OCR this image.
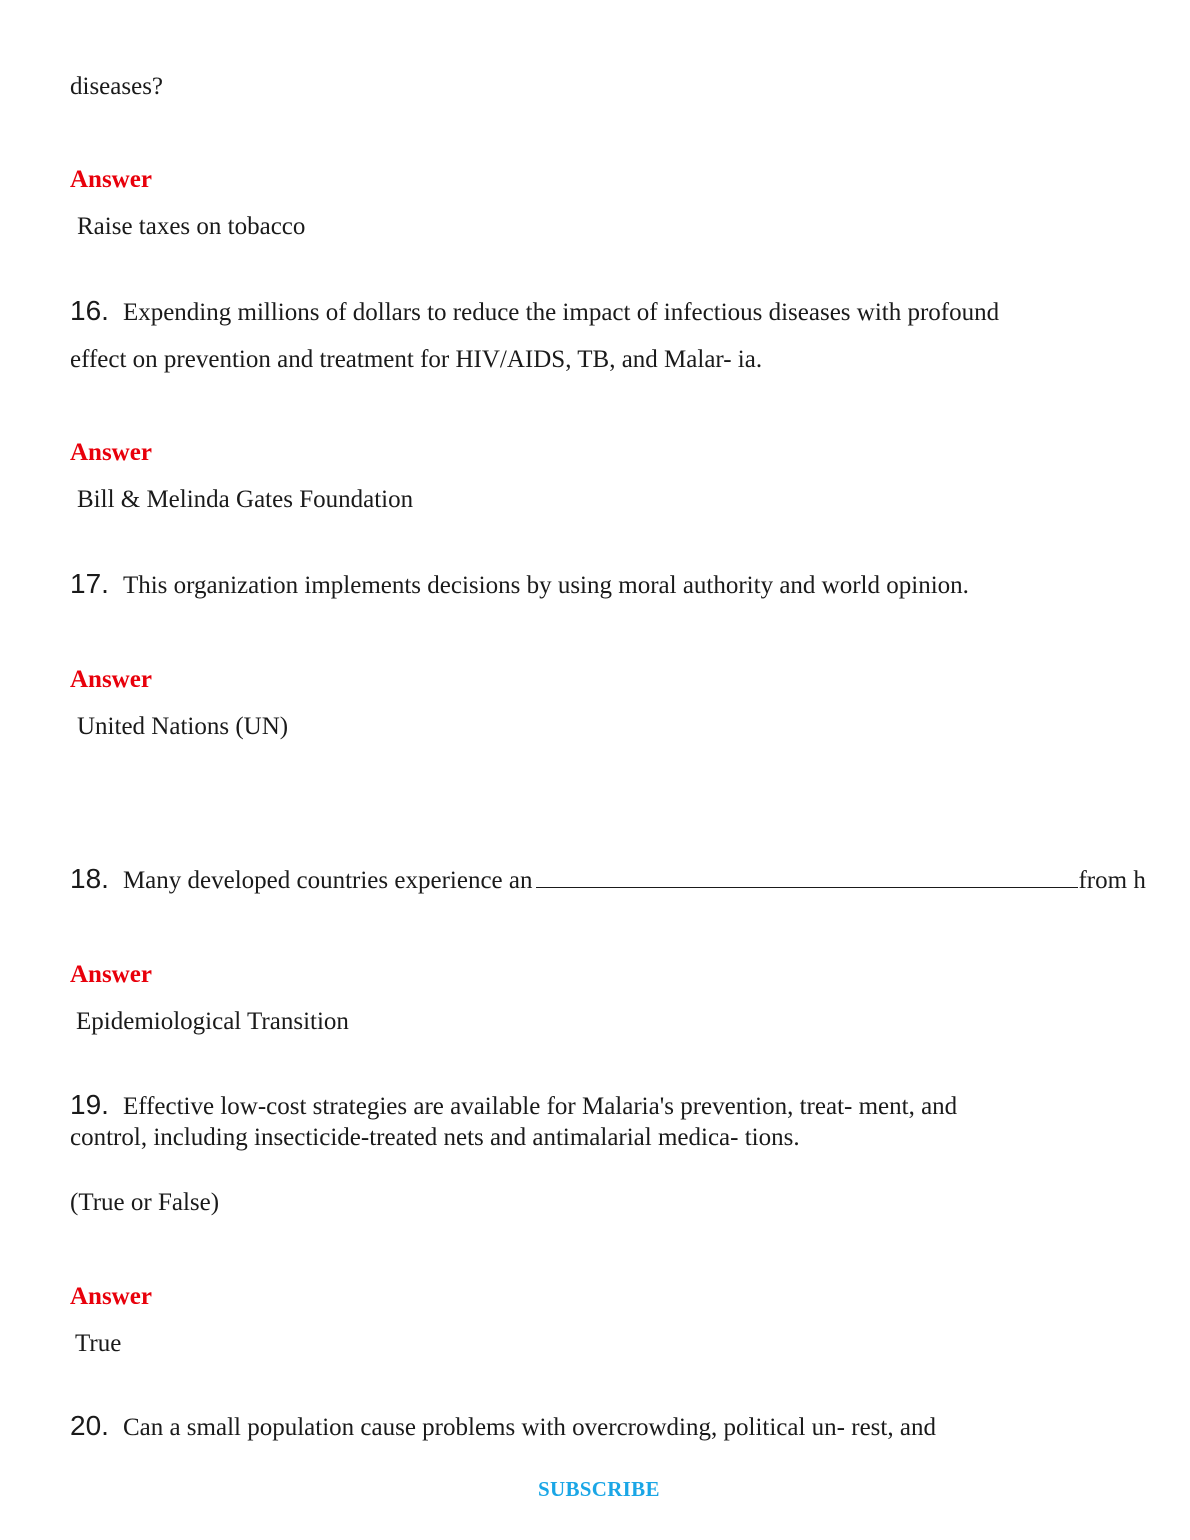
diseases?
Answer
Raise taxes on tobacco
16. Expending millions of dollars to reduce the impact of infectious diseases with profound
effect on prevention and treatment for HIV/AIDS, TB, and Malar- ia.
Answer
Bill & Melinda Gates Foundation
17. This organization implements decisions by using moral authority and world opinion.
Answer
United Nations (UN)
18. Many developed countries experience an	from h
Answer
Epidemiological Transition
19. Effective low-cost strategies are available for Malaria's prevention, treat- ment, and
control, including insecticide-treated nets and antimalarial medica- tions.
(True or False)
Answer
True
20. Can a small population cause problems with overcrowding, political un- rest, and
SUBSCRIBE
